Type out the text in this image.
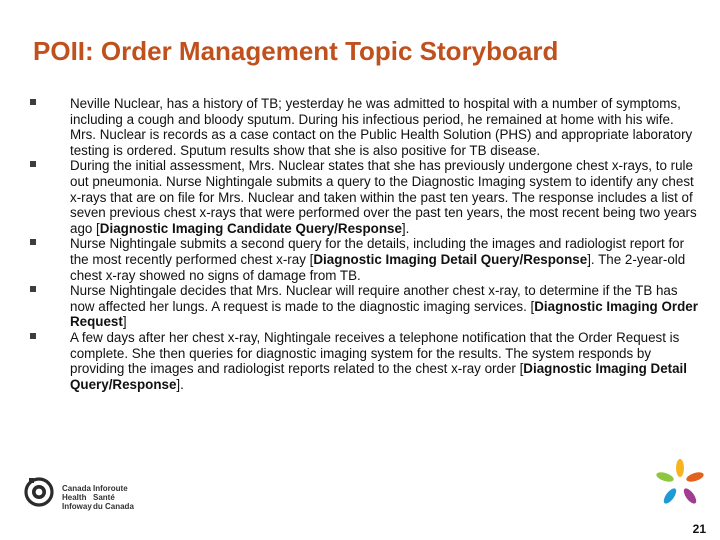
POII: Order Management Topic Storyboard
Neville Nuclear, has a history of TB; yesterday he was admitted to hospital with a number of symptoms, including a cough and bloody sputum. During his infectious period, he remained at home with his wife. Mrs. Nuclear is records as a case contact on the Public Health Solution (PHS) and appropriate laboratory testing is ordered. Sputum results show that she is also positive for TB disease.
During the initial assessment, Mrs. Nuclear states that she has previously undergone chest x-rays, to rule out pneumonia. Nurse Nightingale submits a query to the Diagnostic Imaging system to identify any chest x-rays that are on file for Mrs. Nuclear and taken within the past ten years. The response includes a list of seven previous chest x-rays that were performed over the past ten years, the most recent being two years ago [Diagnostic Imaging Candidate Query/Response].
Nurse Nightingale submits a second query for the details, including the images and radiologist report for the most recently performed chest x-ray [Diagnostic Imaging Detail Query/Response]. The 2-year-old chest x-ray showed no signs of damage from TB.
Nurse Nightingale decides that Mrs. Nuclear will require another chest x-ray, to determine if the TB has now affected her lungs. A request is made to the diagnostic imaging services. [Diagnostic Imaging Order Request]
A few days after her chest x-ray, Nightingale receives a telephone notification that the Order Request is complete. She then queries for diagnostic imaging system for the results. The system responds by providing the images and radiologist reports related to the chest x-ray order [Diagnostic Imaging Detail Query/Response].
Canada
Health
Infoway
Inforoute
Santé
du Canada
21
